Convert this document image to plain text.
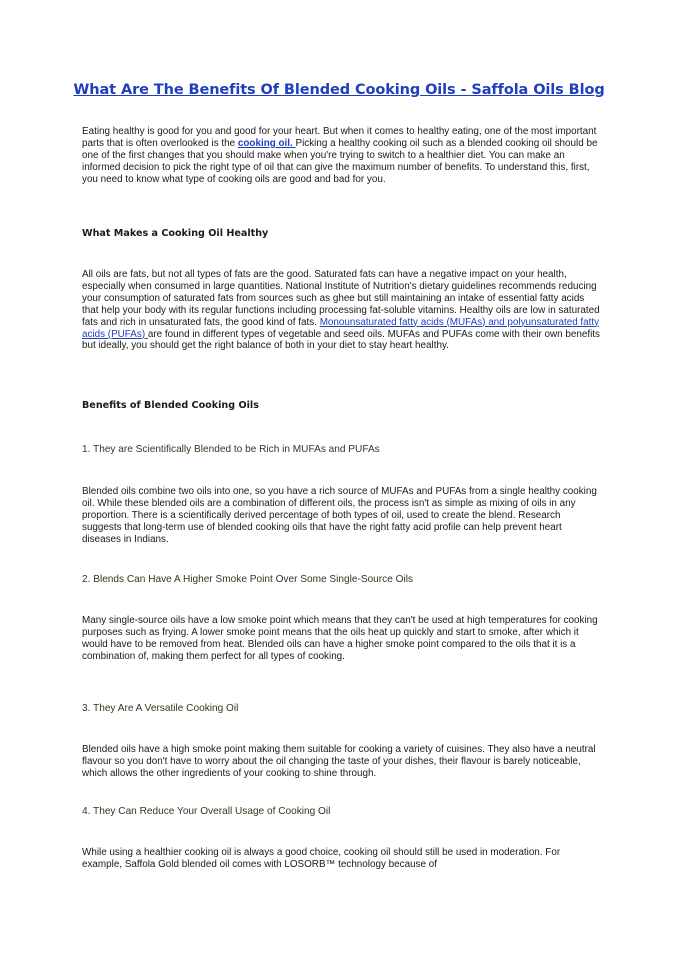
What Are The Benefits Of Blended Cooking Oils - Saffola Oils Blog

Eating healthy is good for you and good for your heart. But when it comes to healthy eating, one of the most important parts that is often overlooked is the cooking oil. Picking a healthy cooking oil such as a blended cooking oil should be one of the first changes that you should make when you're trying to switch to a healthier diet. You can make an informed decision to pick the right type of oil that can give the maximum number of benefits. To understand this, first, you need to know what type of cooking oils are good and bad for you.

What Makes a Cooking Oil Healthy

All oils are fats, but not all types of fats are the good. Saturated fats can have a negative impact on your health, especially when consumed in large quantities. National Institute of Nutrition's dietary guidelines recommends reducing your consumption of saturated fats from sources such as ghee but still maintaining an intake of essential fatty acids that help your body with its regular functions including processing fat-soluble vitamins. Healthy oils are low in saturated fats and rich in unsaturated fats, the good kind of fats. Monounsaturated fatty acids (MUFAs) and polyunsaturated fatty acids (PUFAs) are found in different types of vegetable and seed oils. MUFAs and PUFAs come with their own benefits but ideally, you should get the right balance of both in your diet to stay heart healthy.

Benefits of Blended Cooking Oils
1. They are Scientifically Blended to be Rich in MUFAs and PUFAs

Blended oils combine two oils into one, so you have a rich source of MUFAs and PUFAs from a single healthy cooking oil. While these blended oils are a combination of different oils, the process isn't as simple as mixing of oils in any proportion. There is a scientifically derived percentage of both types of oil, used to create the blend. Research suggests that long-term use of blended cooking oils that have the right fatty acid profile can help prevent heart diseases in Indians.

2. Blends Can Have A Higher Smoke Point Over Some Single-Source Oils

Many single-source oils have a low smoke point which means that they can't be used at high temperatures for cooking purposes such as frying. A lower smoke point means that the oils heat up quickly and start to smoke, after which it would have to be removed from heat. Blended oils can have a higher smoke point compared to the oils that it is a combination of, making them perfect for all types of cooking.

3. They Are A Versatile Cooking Oil

Blended oils have a high smoke point making them suitable for cooking a variety of cuisines. They also have a neutral flavour so you don't have to worry about the oil changing the taste of your dishes, their flavour is barely noticeable, which allows the other ingredients of your cooking to shine through.

4. They Can Reduce Your Overall Usage of Cooking Oil

While using a healthier cooking oil is always a good choice, cooking oil should still be used in moderation. For example, Saffola Gold blended oil comes with LOSORB™ technology because of
